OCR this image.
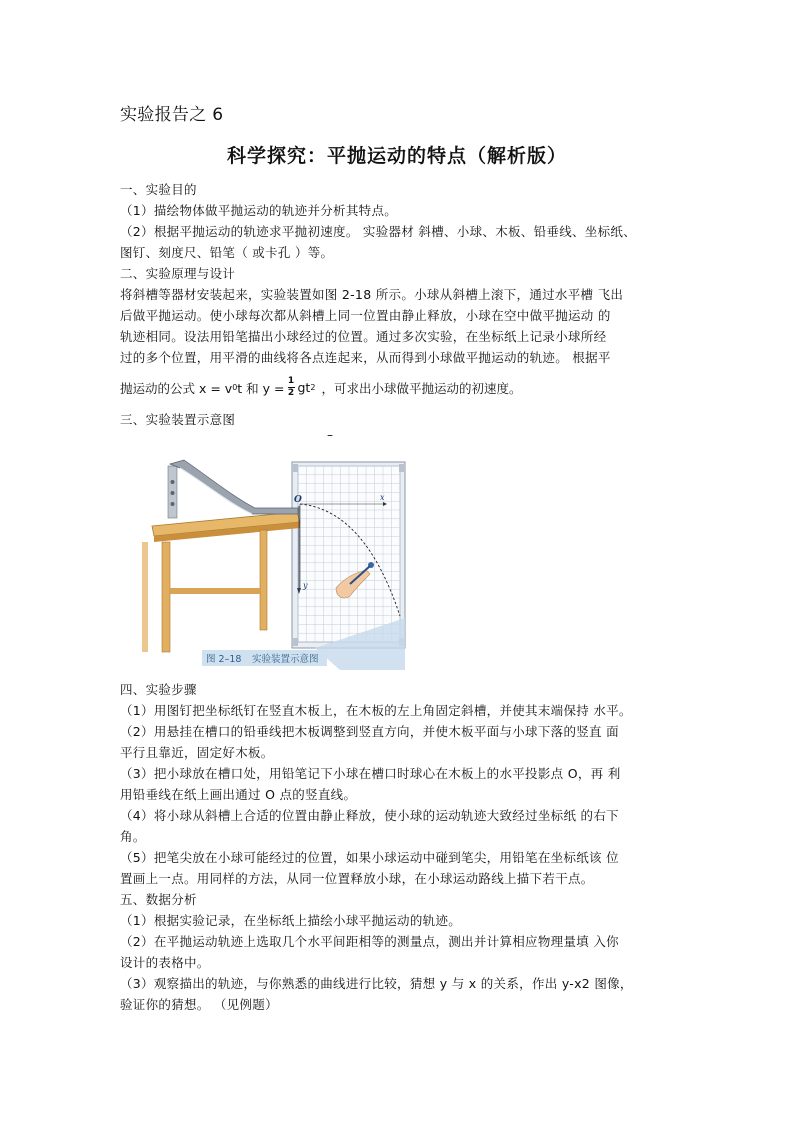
实验报告之 6
科学探究：平抛运动的特点（解析版）
一、实验目的
（1）描绘物体做平抛运动的轨迹并分析其特点。
（2）根据平抛运动的轨迹求平抛初速度。 实验器材 斜槽、小球、木板、铅垂线、坐标纸、
图钉、刻度尺、铅笔（ 或卡孔 ）等。
二、实验原理与设计
将斜槽等器材安装起来，实验装置如图 2-18 所示。小球从斜槽上滚下，通过水平槽 飞出
后做平抛运动。使小球每次都从斜槽上同一位置由静止释放，小球在空中做平抛运动 的
轨迹相同。设法用铅笔描出小球经过的位置。通过多次实验，在坐标纸上记录小球所经
过的多个位置，用平滑的曲线将各点连起来，从而得到小球做平抛运动的轨迹。 根据平
抛运动的公式 x = v 0 t 和 $y = \frac{1}{2}$ gt 2 ，可求出小球做平抛运动的初速度。
三、实验装置示意图
–
图 2–18 实验装置示意图
O	x
y
四、实验步骤
（1）用图钉把坐标纸钉在竖直木板上，在木板的左上角固定斜槽，并使其末端保持 水平。
（2）用悬挂在槽口的铅垂线把木板调整到竖直方向，并使木板平面与小球下落的竖直 面
平行且靠近，固定好木板。
（3）把小球放在槽口处，用铅笔记下小球在槽口时球心在木板上的水平投影点 O，再 利
用铅垂线在纸上画出通过 O 点的竖直线。
（4）将小球从斜槽上合适的位置由静止释放，使小球的运动轨迹大致经过坐标纸 的右下
角。
（5）把笔尖放在小球可能经过的位置，如果小球运动中碰到笔尖，用铅笔在坐标纸该 位
置画上一点。用同样的方法，从同一位置释放小球，在小球运动路线上描下若干点。
五、数据分析
（1）根据实验记录，在坐标纸上描绘小球平抛运动的轨迹。
（2）在平抛运动轨迹上选取几个水平间距相等的测量点，测出并计算相应物理量填 入你
设计的表格中。
（3）观察描出的轨迹，与你熟悉的曲线进行比较，猜想 y 与 x 的关系，作出 y-x2 图像，
验证你的猜想。 （见例题）
